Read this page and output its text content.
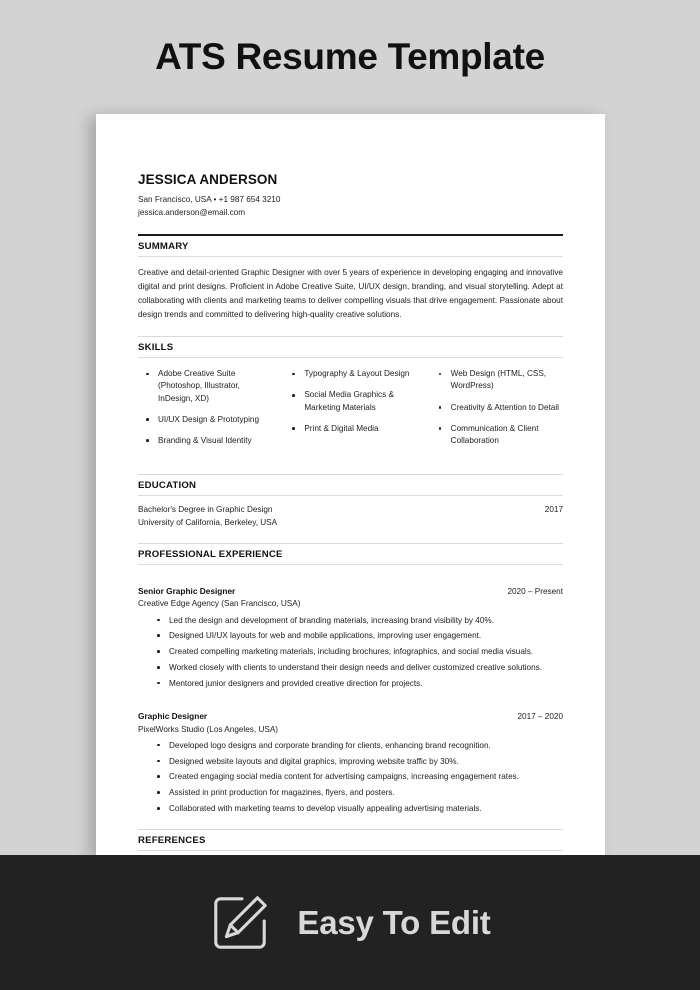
ATS Resume Template
JESSICA ANDERSON
San Francisco, USA • +1 987 654 3210
jessica.anderson@email.com
SUMMARY
Creative and detail-oriented Graphic Designer with over 5 years of experience in developing engaging and innovative digital and print designs. Proficient in Adobe Creative Suite, UI/UX design, branding, and visual storytelling. Adept at collaborating with clients and marketing teams to deliver compelling visuals that drive engagement. Passionate about design trends and committed to delivering high-quality creative solutions.
SKILLS
Adobe Creative Suite (Photoshop, Illustrator, InDesign, XD)
UI/UX Design & Prototyping
Branding & Visual Identity
Typography & Layout Design
Social Media Graphics & Marketing Materials
Print & Digital Media
Web Design (HTML, CSS, WordPress)
Creativity & Attention to Detail
Communication & Client Collaboration
EDUCATION
Bachelor's Degree in Graphic Design	2017
University of California, Berkeley, USA
PROFESSIONAL EXPERIENCE
Senior Graphic Designer	2020 – Present
Creative Edge Agency (San Francisco, USA)
Led the design and development of branding materials, increasing brand visibility by 40%.
Designed UI/UX layouts for web and mobile applications, improving user engagement.
Created compelling marketing materials, including brochures, infographics, and social media visuals.
Worked closely with clients to understand their design needs and deliver customized creative solutions.
Mentored junior designers and provided creative direction for projects.
Graphic Designer	2017 – 2020
PixelWorks Studio (Los Angeles, USA)
Developed logo designs and corporate branding for clients, enhancing brand recognition.
Designed website layouts and digital graphics, improving website traffic by 30%.
Created engaging social media content for advertising campaigns, increasing engagement rates.
Assisted in print production for magazines, flyers, and posters.
Collaborated with marketing teams to develop visually appealing advertising materials.
REFERENCES
Easy To Edit
